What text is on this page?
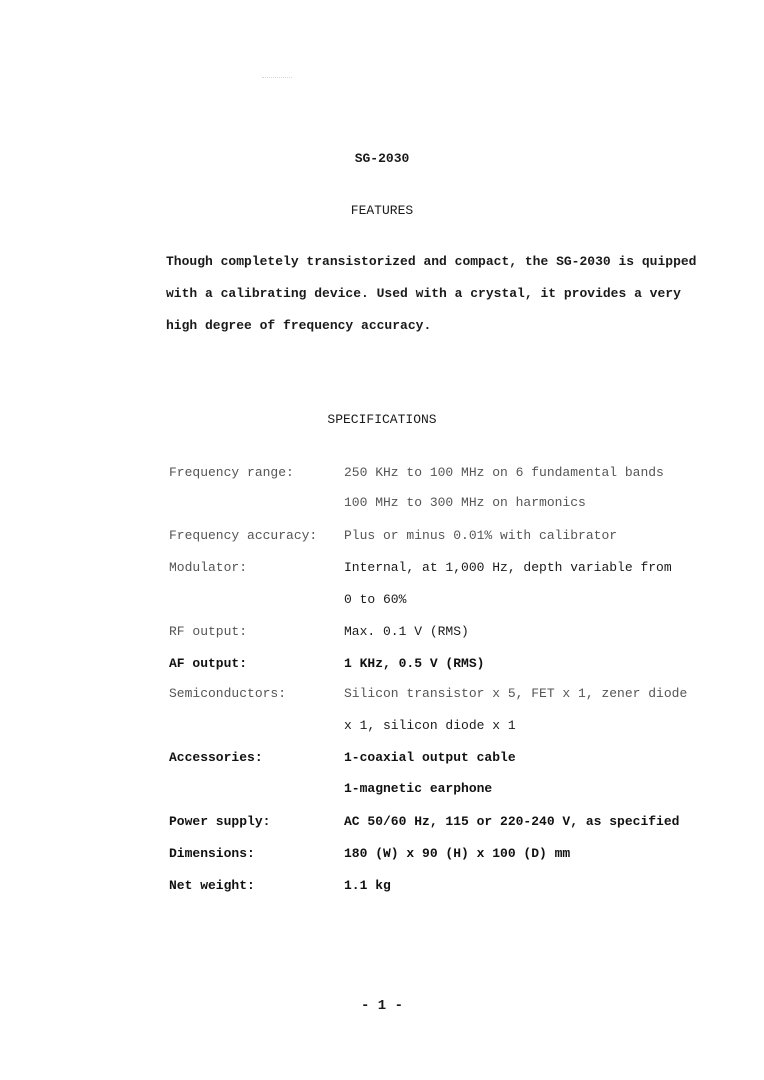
SG-2030
FEATURES
Though completely transistorized and compact, the SG-2030 is quipped
with a calibrating device. Used with a crystal, it provides a very
high degree of frequency accuracy.
SPECIFICATIONS
Frequency range:	250 KHz to 100 MHz on 6 fundamental bands
100 MHz to 300 MHz on harmonics
Frequency accuracy: Plus or minus 0.01% with calibrator
Modulator:	Internal, at 1,000 Hz, depth variable from
0 to 60%
RF output:	Max. 0.1 V (RMS)
AF output:	1 KHz, 0.5 V (RMS)
Semiconductors:	Silicon transistor x 5, FET x 1, zener diode
x 1, silicon diode x 1
Accessories:	1-coaxial output cable
1-magnetic earphone
Power supply:	AC 50/60 Hz, 115 or 220-240 V, as specified
Dimensions:	180 (W) x 90 (H) x 100 (D) mm
Net weight:	1.1 kg
- 1 -
